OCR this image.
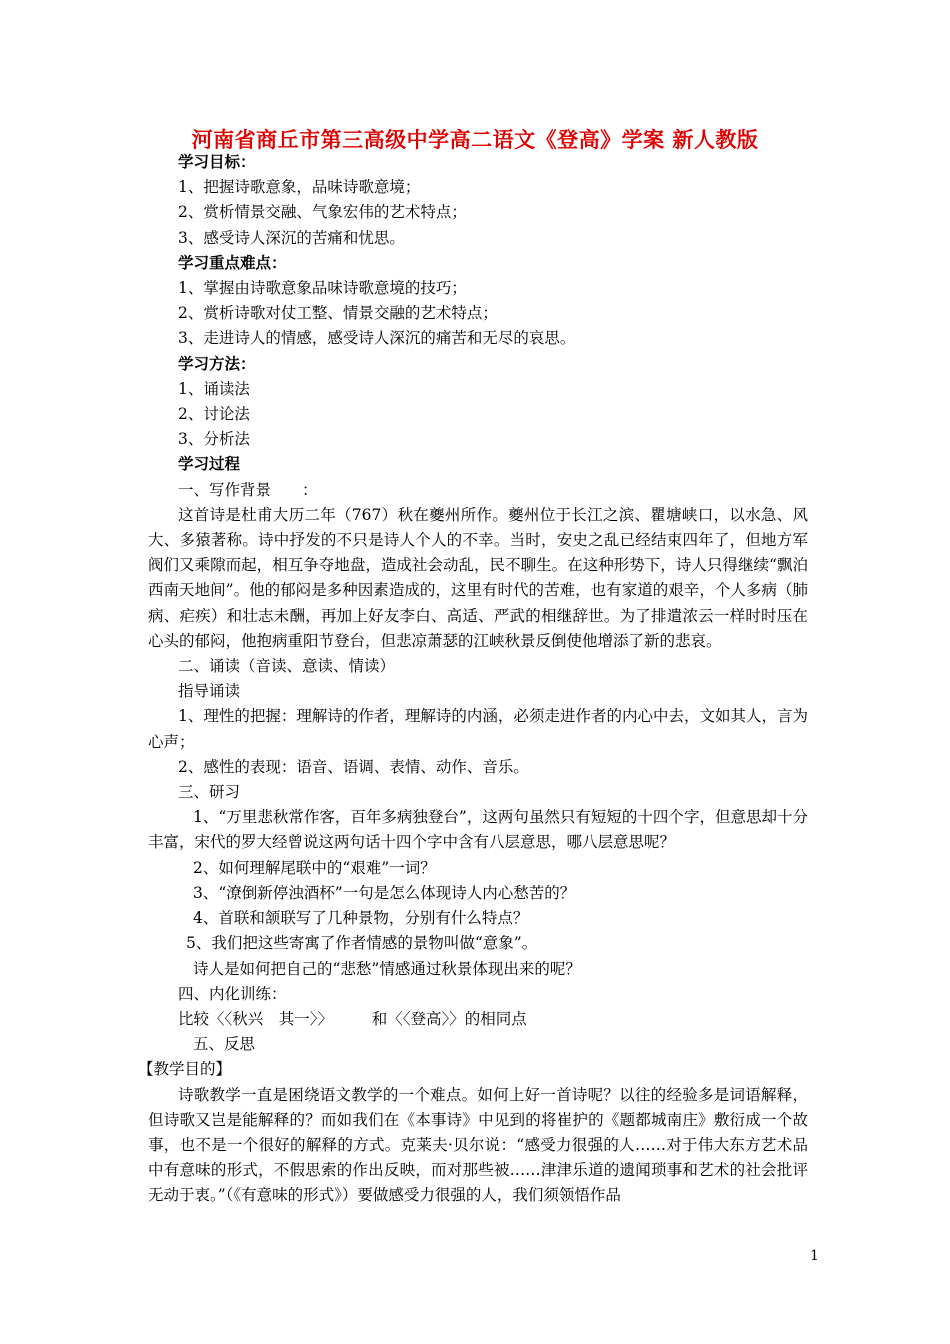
河南省商丘市第三高级中学高二语文《登高》学案 新人教版

学习目标：

1、把握诗歌意象，品味诗歌意境；

2、赏析情景交融、气象宏伟的艺术特点；

3、感受诗人深沉的苦痛和忧思。

学习重点难点：

1、掌握由诗歌意象品味诗歌意境的技巧；

2、赏析诗歌对仗工整、情景交融的艺术特点；

3、走进诗人的情感，感受诗人深沉的痛苦和无尽的哀思。

学习方法：

1、诵读法

2、讨论法

3、分析法

学习过程

一、写作背景　　：

这首诗是杜甫大历二年（767）秋在夔州所作。夔州位于长江之滨、瞿塘峡口，以水急、风大、多猿著称。诗中抒发的不只是诗人个人的不幸。当时，安史之乱已经结束四年了，但地方军阀们又乘隙而起，相互争夺地盘，造成社会动乱，民不聊生。在这种形势下，诗人只得继续“飘泊西南天地间”。他的郁闷是多种因素造成的，这里有时代的苦难，也有家道的艰辛，个人多病（肺病、疟疾）和壮志未酬，再加上好友李白、高适、严武的相继辞世。为了排遣浓云一样时时压在心头的郁闷，他抱病重阳节登台，但悲凉萧瑟的江峡秋景反倒使他增添了新的悲哀。

二、诵读（音读、意读、情读）

指导诵读

1、理性的把握：理解诗的作者，理解诗的内涵，必须走进作者的内心中去，文如其人，言为心声；

2、感性的表现：语音、语调、表情、动作、音乐。

三、研习

1、“万里悲秋常作客，百年多病独登台”，这两句虽然只有短短的十四个字，但意思却十分丰富，宋代的罗大经曾说这两句话十四个字中含有八层意思，哪八层意思呢？

2、如何理解尾联中的“艰难”一词？

3、“潦倒新停浊酒杯”一句是怎么体现诗人内心愁苦的？

4、首联和颔联写了几种景物，分别有什么特点？

5、我们把这些寄寓了作者情感的景物叫做“意象”。

诗人是如何把自己的“悲愁”情感通过秋景体现出来的呢？

四、内化训练：

比较〈〈秋兴　其一〉〉　　　和〈〈登高〉〉的相同点

五、反思

【教学目的】

诗歌教学一直是困绕语文教学的一个难点。如何上好一首诗呢？以往的经验多是词语解释，但诗歌又岂是能解释的？而如我们在《本事诗》中见到的将崔护的《题都城南庄》敷衍成一个故事，也不是一个很好的解释的方式。克莱夫·贝尔说：“感受力很强的人……对于伟大东方艺术品中有意味的形式，不假思索的作出反映，而对那些被……津津乐道的遗闻琐事和艺术的社会批评无动于衷。”（《有意味的形式》）要做感受力很强的人，我们须领悟作品

1
